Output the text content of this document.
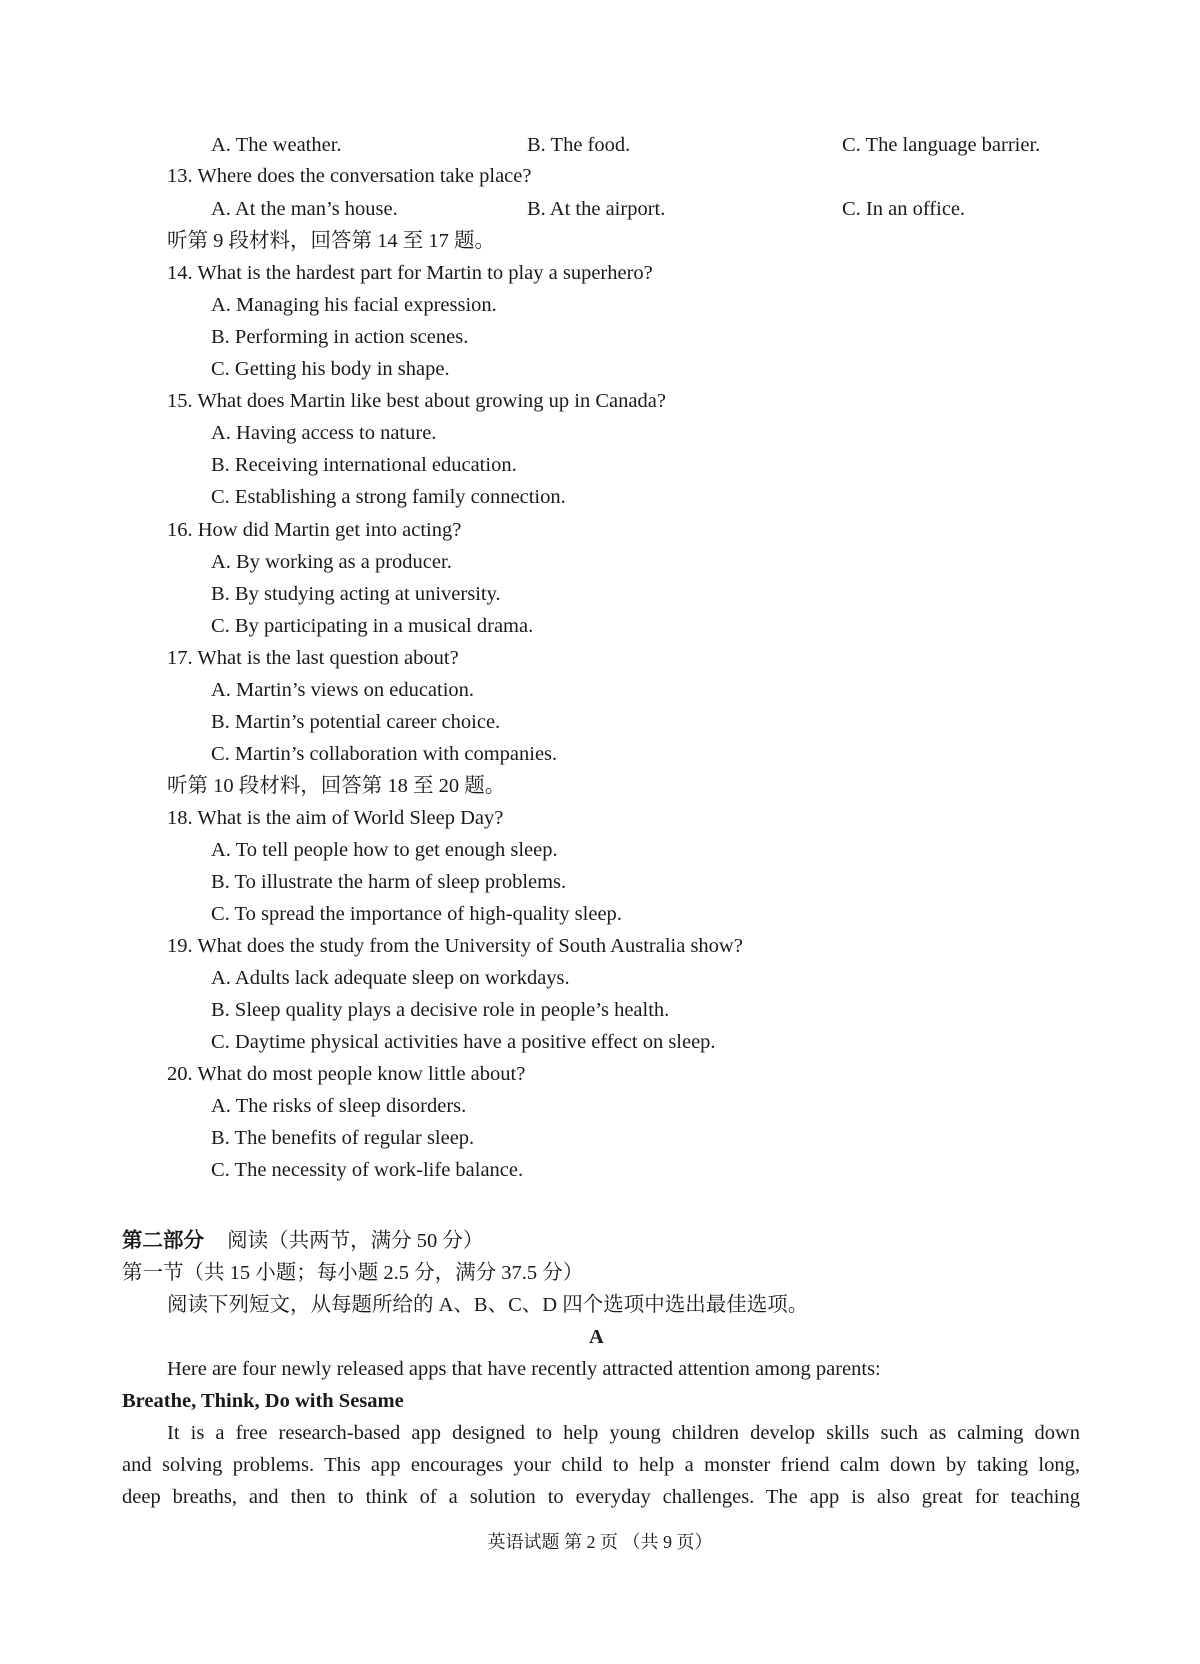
A. The weather.	B. The food.	C. The language barrier.
13. Where does the conversation take place?
A. At the man’s house.	B. At the airport.	C. In an office.
听第 9 段材料，回答第 14 至 17 题。
14. What is the hardest part for Martin to play a superhero?
A. Managing his facial expression.
B. Performing in action scenes.
C. Getting his body in shape.
15. What does Martin like best about growing up in Canada?
A. Having access to nature.
B. Receiving international education.
C. Establishing a strong family connection.
16. How did Martin get into acting?
A. By working as a producer.
B. By studying acting at university.
C. By participating in a musical drama.
17. What is the last question about?
A. Martin’s views on education.
B. Martin’s potential career choice.
C. Martin’s collaboration with companies.
听第 10 段材料，回答第 18 至 20 题。
18. What is the aim of World Sleep Day?
A. To tell people how to get enough sleep.
B. To illustrate the harm of sleep problems.
C. To spread the importance of high-quality sleep.
19. What does the study from the University of South Australia show?
A. Adults lack adequate sleep on workdays.
B. Sleep quality plays a decisive role in people’s health.
C. Daytime physical activities have a positive effect on sleep.
20. What do most people know little about?
A. The risks of sleep disorders.
B. The benefits of regular sleep.
C. The necessity of work-life balance.
第二部分 阅读（共两节，满分 50 分）
第一节（共 15 小题；每小题 2.5 分，满分 37.5 分）
阅读下列短文，从每题所给的 A、B、C、D 四个选项中选出最佳选项。
A
Here are four newly released apps that have recently attracted attention among parents:
Breathe, Think, Do with Sesame
It is a free research-based app designed to help young children develop skills such as calming down
and solving problems. This app encourages your child to help a monster friend calm down by taking long,
deep breaths, and then to think of a solution to everyday challenges. The app is also great for teaching
英语试题 第 2 页 （共 9 页）
